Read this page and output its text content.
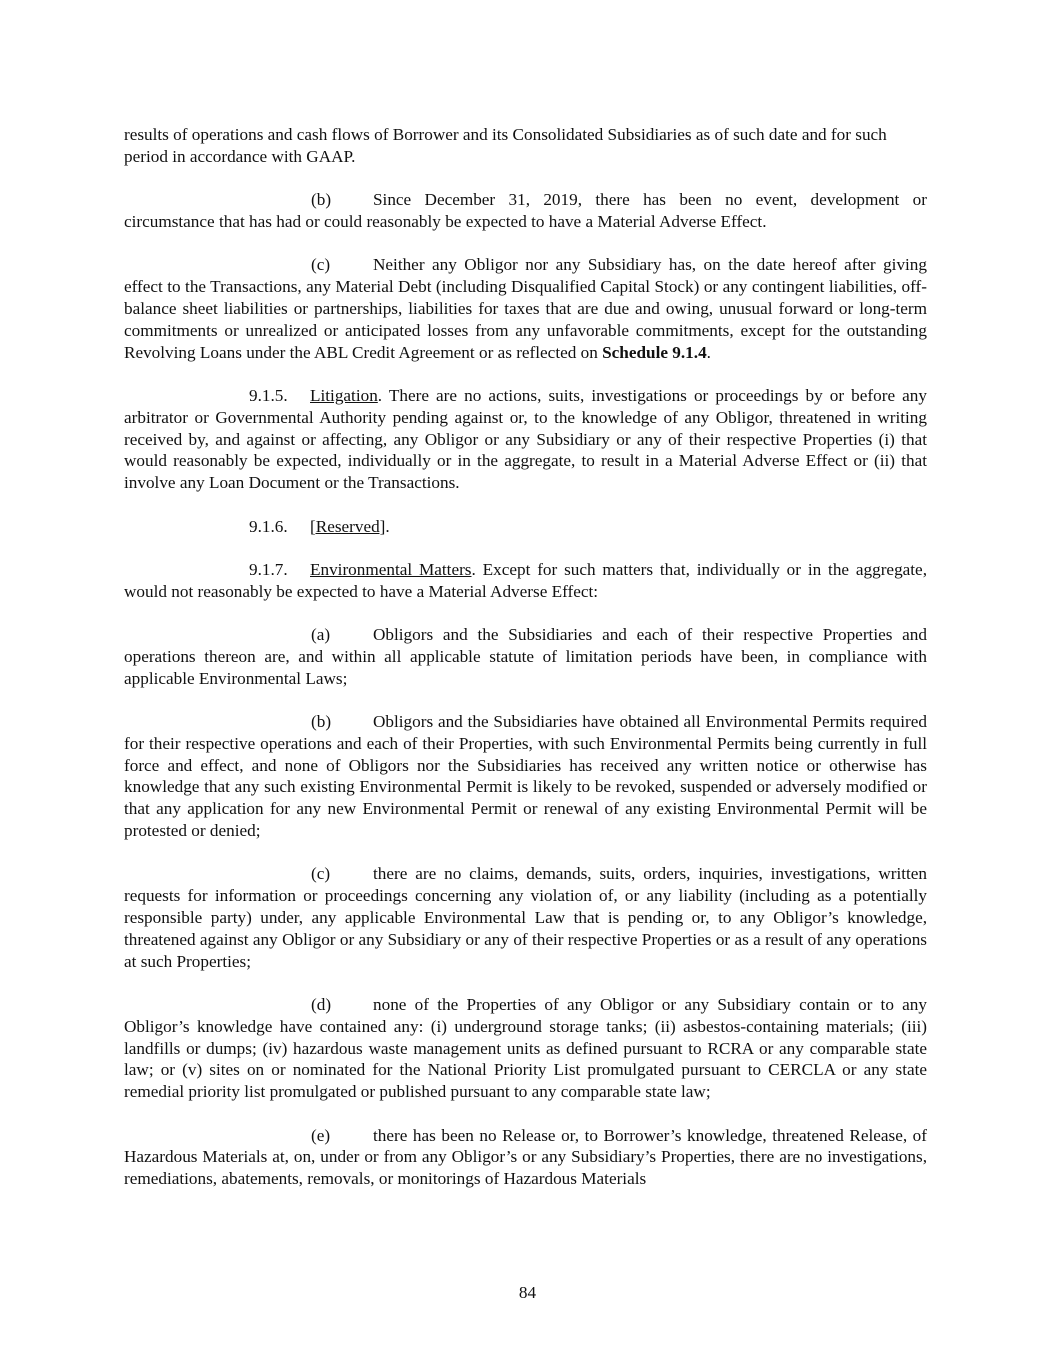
results of operations and cash flows of Borrower and its Consolidated Subsidiaries as of such date and for such period in accordance with GAAP.

(b) Since December 31, 2019, there has been no event, development or circumstance that has had or could reasonably be expected to have a Material Adverse Effect.

(c) Neither any Obligor nor any Subsidiary has, on the date hereof after giving effect to the Transactions, any Material Debt (including Disqualified Capital Stock) or any contingent liabilities, off-balance sheet liabilities or partnerships, liabilities for taxes that are due and owing, unusual forward or long-term commitments or unrealized or anticipated losses from any unfavorable commitments, except for the outstanding Revolving Loans under the ABL Credit Agreement or as reflected on Schedule 9.1.4.

9.1.5. Litigation. There are no actions, suits, investigations or proceedings by or before any arbitrator or Governmental Authority pending against or, to the knowledge of any Obligor, threatened in writing received by, and against or affecting, any Obligor or any Subsidiary or any of their respective Properties (i) that would reasonably be expected, individually or in the aggregate, to result in a Material Adverse Effect or (ii) that involve any Loan Document or the Transactions.

9.1.6. [Reserved].

9.1.7. Environmental Matters. Except for such matters that, individually or in the aggregate, would not reasonably be expected to have a Material Adverse Effect:

(a) Obligors and the Subsidiaries and each of their respective Properties and operations thereon are, and within all applicable statute of limitation periods have been, in compliance with applicable Environmental Laws;

(b) Obligors and the Subsidiaries have obtained all Environmental Permits required for their respective operations and each of their Properties, with such Environmental Permits being currently in full force and effect, and none of Obligors nor the Subsidiaries has received any written notice or otherwise has knowledge that any such existing Environmental Permit is likely to be revoked, suspended or adversely modified or that any application for any new Environmental Permit or renewal of any existing Environmental Permit will be protested or denied;

(c) there are no claims, demands, suits, orders, inquiries, investigations, written requests for information or proceedings concerning any violation of, or any liability (including as a potentially responsible party) under, any applicable Environmental Law that is pending or, to any Obligor’s knowledge, threatened against any Obligor or any Subsidiary or any of their respective Properties or as a result of any operations at such Properties;

(d) none of the Properties of any Obligor or any Subsidiary contain or to any Obligor’s knowledge have contained any: (i) underground storage tanks; (ii) asbestos-containing materials; (iii) landfills or dumps; (iv) hazardous waste management units as defined pursuant to RCRA or any comparable state law; or (v) sites on or nominated for the National Priority List promulgated pursuant to CERCLA or any state remedial priority list promulgated or published pursuant to any comparable state law;

(e) there has been no Release or, to Borrower’s knowledge, threatened Release, of Hazardous Materials at, on, under or from any Obligor’s or any Subsidiary’s Properties, there are no investigations, remediations, abatements, removals, or monitorings of Hazardous Materials

84
